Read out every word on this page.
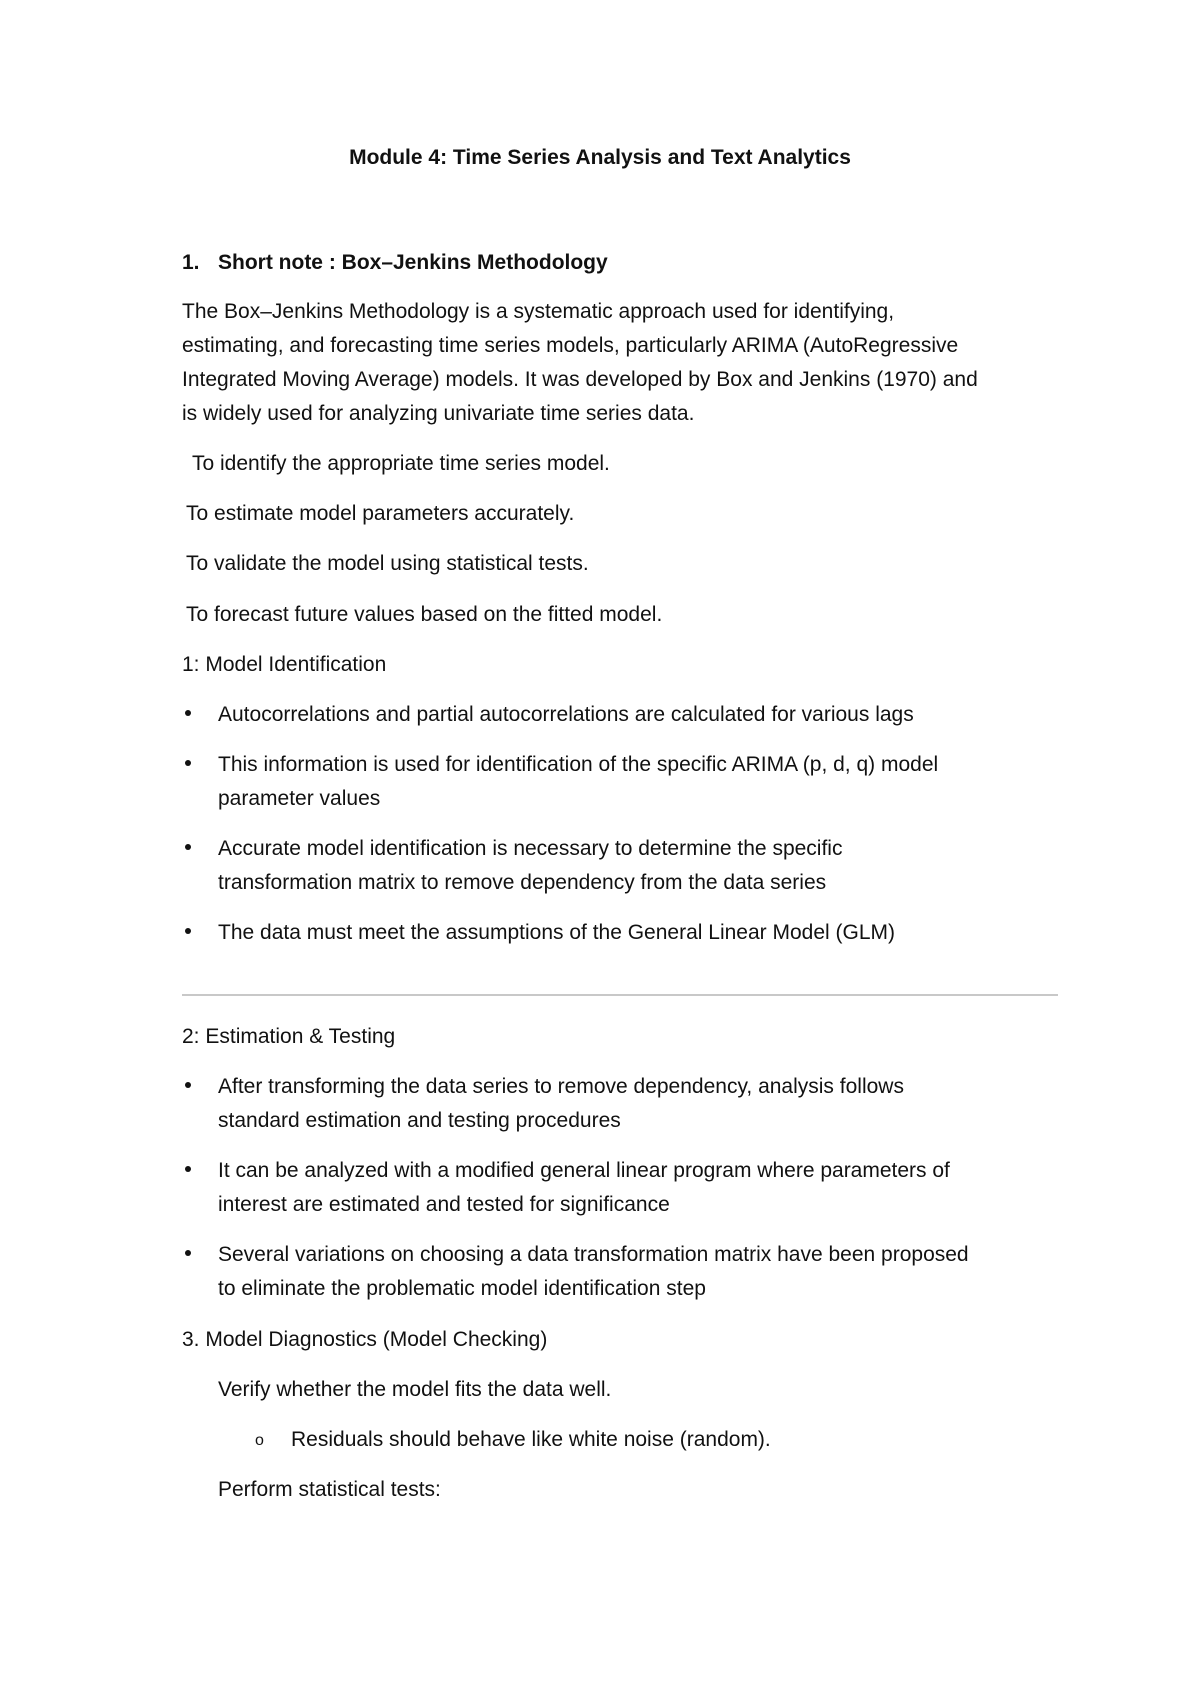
Module 4: Time Series Analysis and Text Analytics
1. Short note : Box–Jenkins Methodology
The Box–Jenkins Methodology is a systematic approach used for identifying,
estimating, and forecasting time series models, particularly ARIMA (AutoRegressive
Integrated Moving Average) models. It was developed by Box and Jenkins (1970) and
is widely used for analyzing univariate time series data.
To identify the appropriate time series model.
To estimate model parameters accurately.
To validate the model using statistical tests.
To forecast future values based on the fitted model.
1: Model Identification
Autocorrelations and partial autocorrelations are calculated for various lags
This information is used for identification of the specific ARIMA (p, d, q) model
parameter values
Accurate model identification is necessary to determine the specific
transformation matrix to remove dependency from the data series
The data must meet the assumptions of the General Linear Model (GLM)
2: Estimation & Testing
After transforming the data series to remove dependency, analysis follows
standard estimation and testing procedures
It can be analyzed with a modified general linear program where parameters of
interest are estimated and tested for significance
Several variations on choosing a data transformation matrix have been proposed
to eliminate the problematic model identification step
3. Model Diagnostics (Model Checking)
Verify whether the model fits the data well.
o Residuals should behave like white noise (random).
Perform statistical tests:
